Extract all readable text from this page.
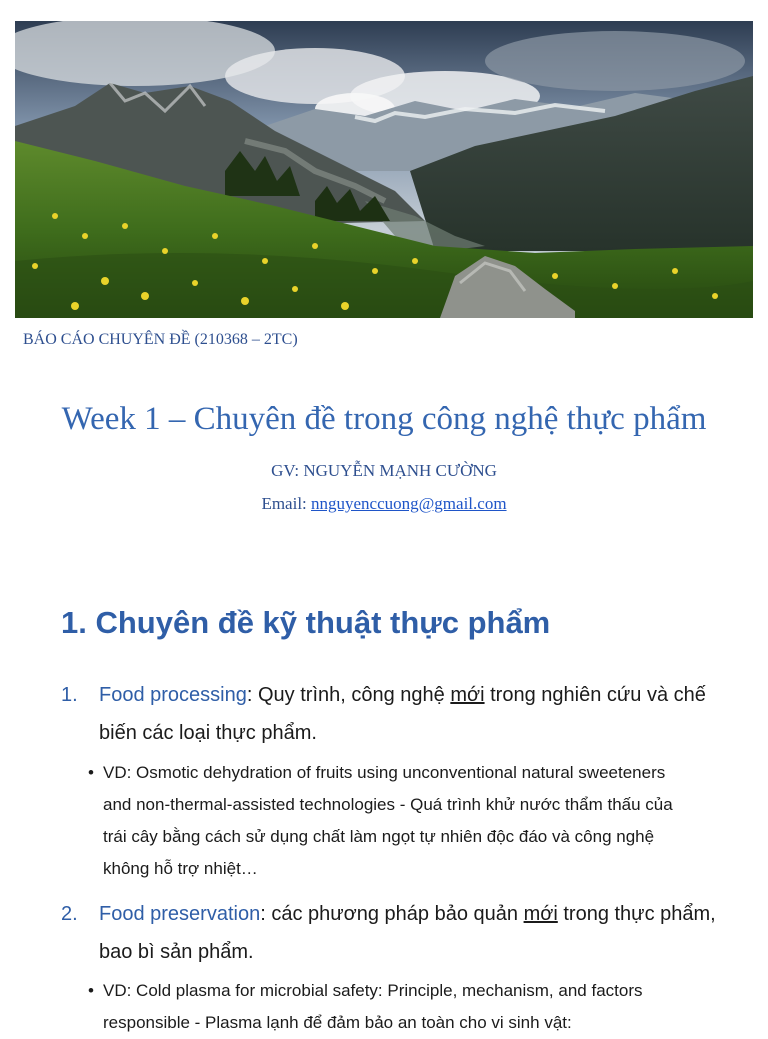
BÁO CÁO CHUYÊN ĐỀ (210368 – 2TC)
Week 1 – Chuyên đề trong công nghệ thực phẩm
GV: NGUYỄN MẠNH CƯỜNG
Email: nnguyenccuong@gmail.com
1. Chuyên đề kỹ thuật thực phẩm
1. Food processing: Quy trình, công nghệ mới trong nghiên cứu và chế biến các loại thực phẩm.
• VD: Osmotic dehydration of fruits using unconventional natural sweeteners and non-thermal-assisted technologies - Quá trình khử nước thẩm thấu của trái cây bằng cách sử dụng chất làm ngọt tự nhiên độc đáo và công nghệ không hỗ trợ nhiệt…
2. Food preservation: các phương pháp bảo quản mới trong thực phẩm, bao bì sản phẩm.
• VD: Cold plasma for microbial safety: Principle, mechanism, and factors responsible - Plasma lạnh để đảm bảo an toàn cho vi sinh vật:
